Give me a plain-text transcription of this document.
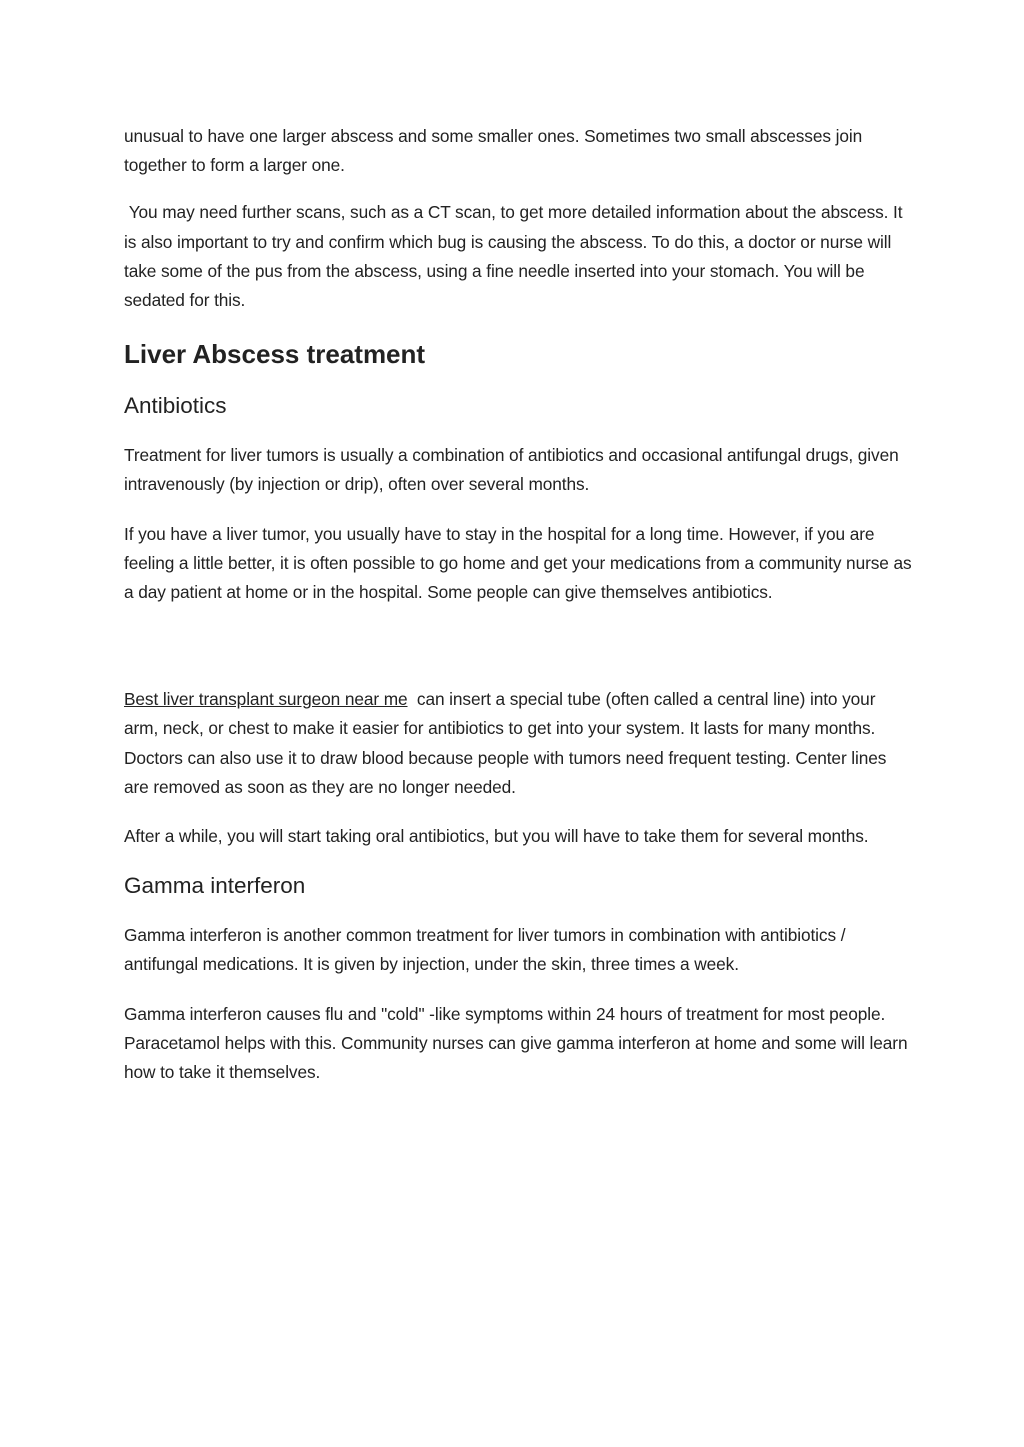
unusual to have one larger abscess and some smaller ones. Sometimes two small abscesses join together to form a larger one.

You may need further scans, such as a CT scan, to get more detailed information about the abscess. It is also important to try and confirm which bug is causing the abscess. To do this, a doctor or nurse will take some of the pus from the abscess, using a fine needle inserted into your stomach. You will be sedated for this.

Liver Abscess treatment
Antibiotics

Treatment for liver tumors is usually a combination of antibiotics and occasional antifungal drugs, given intravenously (by injection or drip), often over several months.

If you have a liver tumor, you usually have to stay in the hospital for a long time. However, if you are feeling a little better, it is often possible to go home and get your medications from a community nurse as a day patient at home or in the hospital. Some people can give themselves antibiotics.

Best liver transplant surgeon near me  can insert a special tube (often called a central line) into your arm, neck, or chest to make it easier for antibiotics to get into your system. It lasts for many months. Doctors can also use it to draw blood because people with tumors need frequent testing. Center lines are removed as soon as they are no longer needed.

After a while, you will start taking oral antibiotics, but you will have to take them for several months.

Gamma interferon

Gamma interferon is another common treatment for liver tumors in combination with antibiotics / antifungal medications. It is given by injection, under the skin, three times a week.

Gamma interferon causes flu and "cold" -like symptoms within 24 hours of treatment for most people. Paracetamol helps with this. Community nurses can give gamma interferon at home and some will learn how to take it themselves.
